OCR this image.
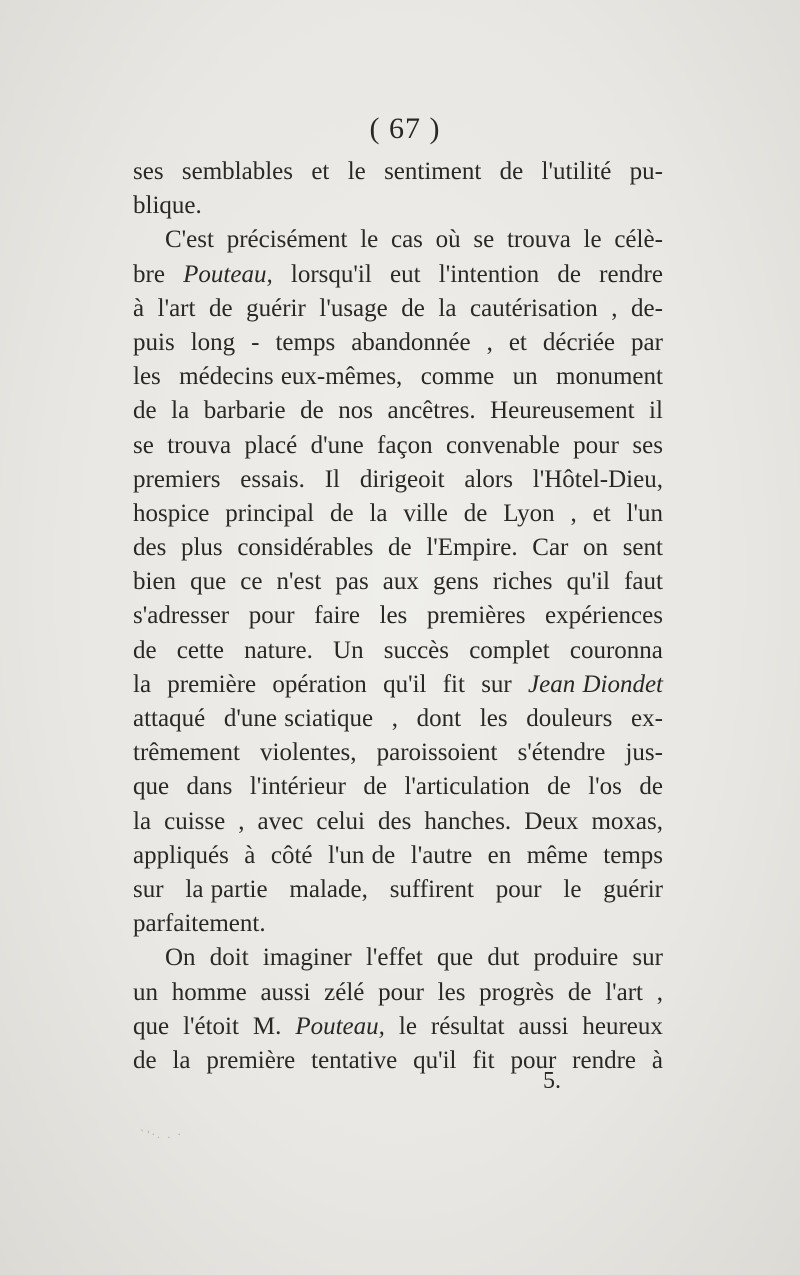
( 67 )
ses semblables et le sentiment de l'utilité pu-
blique.
C'est précisément le cas où se trouva le célè-
bre Pouteau, lorsqu'il eut l'intention de rendre
à l'art de guérir l'usage de la cautérisation , de-
puis long - temps abandonnée , et décriée par
les médecins eux-mêmes, comme un monument
de la barbarie de nos ancêtres. Heureusement il
se trouva placé d'une façon convenable pour ses
premiers essais. Il dirigeoit alors l'Hôtel-Dieu,
hospice principal de la ville de Lyon , et l'un
des plus considérables de l'Empire. Car on sent
bien que ce n'est pas aux gens riches qu'il faut
s'adresser pour faire les premières expériences
de cette nature. Un succès complet couronna
la première opération qu'il fit sur Jean Diondet
attaqué d'une sciatique , dont les douleurs ex-
trêmement violentes, paroissoient s'étendre jus-
que dans l'intérieur de l'articulation de l'os de
la cuisse , avec celui des hanches. Deux moxas,
appliqués à côté l'un de l'autre en même temps
sur la partie malade, suffirent pour le guérir
parfaitement.
On doit imaginer l'effet que dut produire sur
un homme aussi zélé pour les progrès de l'art ,
que l'étoit M. Pouteau, le résultat aussi heureux
de la première tentative qu'il fit pour rendre à
5.
`'·. . ·
